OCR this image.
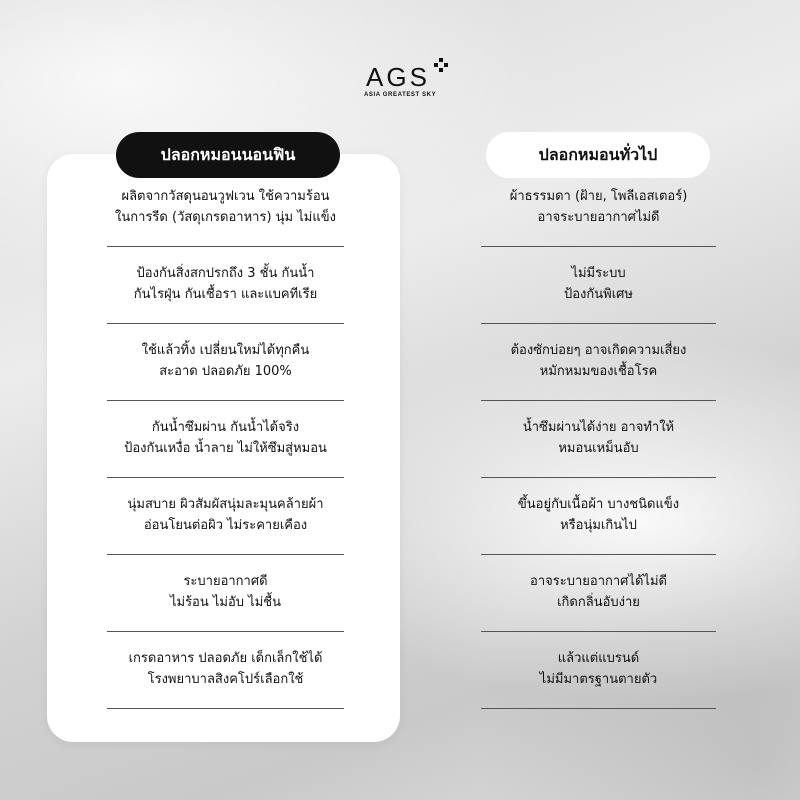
AGS
ASIA GREATEST SKY
ปลอกหมอนนอนฟิน	ปลอกหมอนทั่วไป
ผลิตจากวัสดุนอนวูฟเวน ใช้ความร้อน
ในการรีด (วัสดุเกรดอาหาร) นุ่ม ไม่แข็ง
ป้องกันสิ่งสกปรกถึง 3 ชั้น กันน้ำ
กันไรฝุ่น กันเชื้อรา และแบคทีเรีย
ใช้แล้วทิ้ง เปลี่ยนใหม่ได้ทุกคืน
สะอาด ปลอดภัย 100%
กันน้ำซึมผ่าน กันน้ำได้จริง
ป้องกันเหงื่อ น้ำลาย ไม่ให้ซึมสู่หมอน
นุ่มสบาย ผิวสัมผัสนุ่มละมุนคล้ายผ้า
อ่อนโยนต่อผิว ไม่ระคายเคือง
ระบายอากาศดี
ไม่ร้อน ไม่อับ ไม่ชื้น
เกรดอาหาร ปลอดภัย เด็กเล็กใช้ได้
โรงพยาบาลสิงคโปร์เลือกใช้
ผ้าธรรมดา (ฝ้าย, โพลีเอสเตอร์)
อาจระบายอากาศไม่ดี
ไม่มีระบบ
ป้องกันพิเศษ
ต้องซักบ่อยๆ อาจเกิดความเสี่ยง
หมักหมมของเชื้อโรค
น้ำซึมผ่านได้ง่าย อาจทำให้
หมอนเหม็นอับ
ขึ้นอยู่กับเนื้อผ้า บางชนิดแข็ง
หรือนุ่มเกินไป
อาจระบายอากาศได้ไม่ดี
เกิดกลิ่นอับง่าย
แล้วแต่แบรนด์
ไม่มีมาตรฐานตายตัว
